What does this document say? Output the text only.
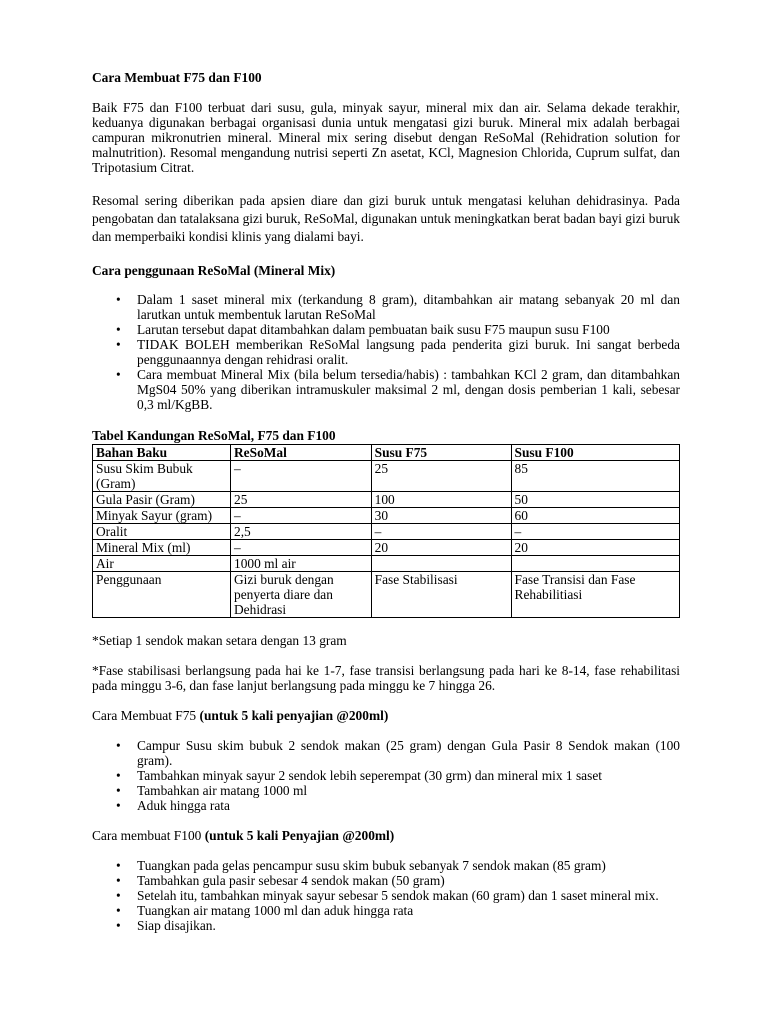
Cara Membuat F75 dan F100

Baik F75 dan F100 terbuat dari susu, gula, minyak sayur, mineral mix dan air. Selama dekade terakhir, keduanya digunakan berbagai organisasi dunia untuk mengatasi gizi buruk. Mineral mix adalah berbagai campuran mikronutrien mineral. Mineral mix sering disebut dengan ReSoMal (Rehidration solution for malnutrition). Resomal mengandung nutrisi seperti Zn asetat, KCl, Magnesion Chlorida, Cuprum sulfat, dan Tripotasium Citrat.

Resomal sering diberikan pada apsien diare dan gizi buruk untuk mengatasi keluhan dehidrasinya. Pada pengobatan dan tatalaksana gizi buruk, ReSoMal, digunakan untuk meningkatkan berat badan bayi gizi buruk dan memperbaiki kondisi klinis yang dialami bayi.

Cara penggunaan ReSoMal (Mineral Mix)
• Dalam 1 saset mineral mix (terkandung 8 gram), ditambahkan air matang sebanyak 20 ml dan larutkan untuk membentuk larutan ReSoMal
• Larutan tersebut dapat ditambahkan dalam pembuatan baik susu F75 maupun susu F100
• TIDAK BOLEH memberikan ReSoMal langsung pada penderita gizi buruk. Ini sangat berbeda penggunaannya dengan rehidrasi oralit.
• Cara membuat Mineral Mix (bila belum tersedia/habis) : tambahkan KCl 2 gram, dan ditambahkan MgS04 50% yang diberikan intramuskuler maksimal 2 ml, dengan dosis pemberian 1 kali, sebesar 0,3 ml/KgBB.
Tabel Kandungan ReSoMal, F75 dan F100
Bahan Baku	ReSoMal	Susu F75	Susu F100
Susu Skim Bubuk (Gram)	–	25	85
Gula Pasir (Gram)	25	100	50
Minyak Sayur (gram)	–	30	60
Oralit	2,5	–	–
Mineral Mix (ml)	–	20	20
Air	1000 ml air		
Penggunaan	Gizi buruk dengan penyerta diare dan Dehidrasi	Fase Stabilisasi	Fase Transisi dan Fase Rehabilitiasi

*Setiap 1 sendok makan setara dengan 13 gram

*Fase stabilisasi berlangsung pada hai ke 1-7, fase transisi berlangsung pada hari ke 8-14, fase rehabilitasi pada minggu 3-6, dan fase lanjut berlangsung pada minggu ke 7 hingga 26.

Cara Membuat F75 (untuk 5 kali penyajian @200ml)

• Campur Susu skim bubuk 2 sendok makan (25 gram) dengan Gula Pasir 8 Sendok makan (100 gram).
• Tambahkan minyak sayur 2 sendok lebih seperempat (30 grm) dan mineral mix 1 saset
• Tambahkan air matang 1000 ml
• Aduk hingga rata

Cara membuat F100 (untuk 5 kali Penyajian @200ml)

• Tuangkan pada gelas pencampur susu skim bubuk sebanyak 7 sendok makan (85 gram)
• Tambahkan gula pasir sebesar 4 sendok makan (50 gram)
• Setelah itu, tambahkan minyak sayur sebesar 5 sendok makan (60 gram) dan 1 saset mineral mix.
• Tuangkan air matang 1000 ml dan aduk hingga rata
• Siap disajikan.
